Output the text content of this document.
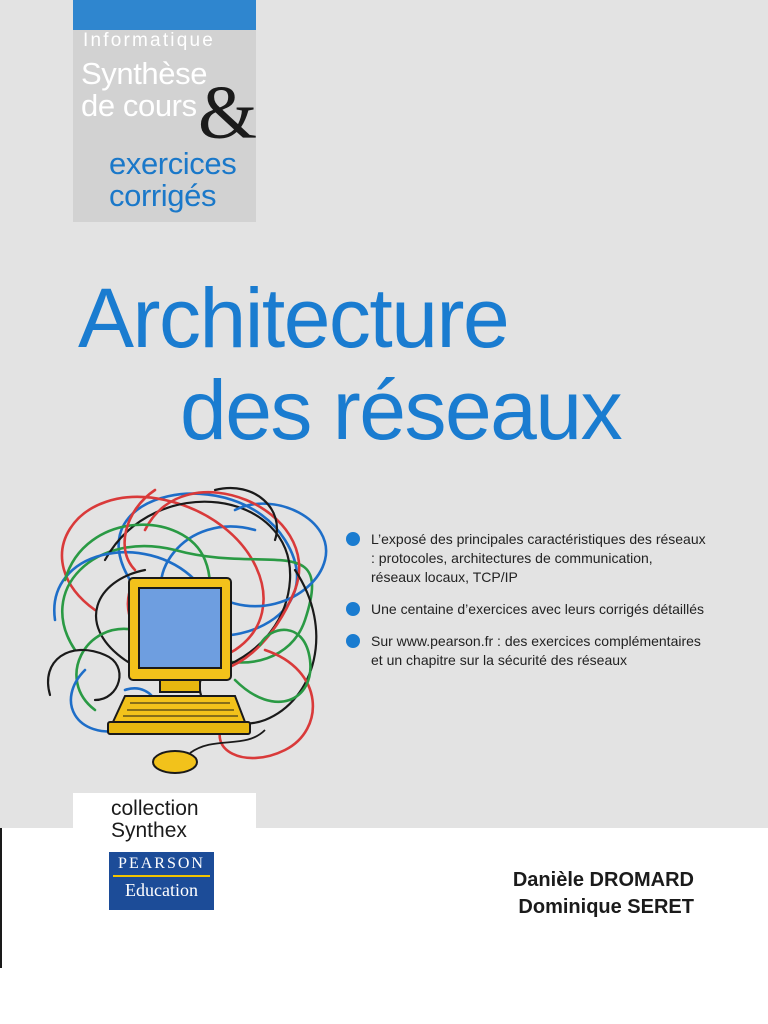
Informatique
Synthèse
de cours &
exercices
corrigés
Architecture
des réseaux
L’exposé des principales caractéristiques des réseaux : protocoles, architectures de communication, réseaux locaux, TCP/IP
Une centaine d’exercices avec leurs corrigés détaillés
Sur www.pearson.fr : des exercices complémentaires et un chapitre sur la sécurité des réseaux
collection
Synthex
PEARSON
Education	Danièle DROMARD
Dominique SERET
